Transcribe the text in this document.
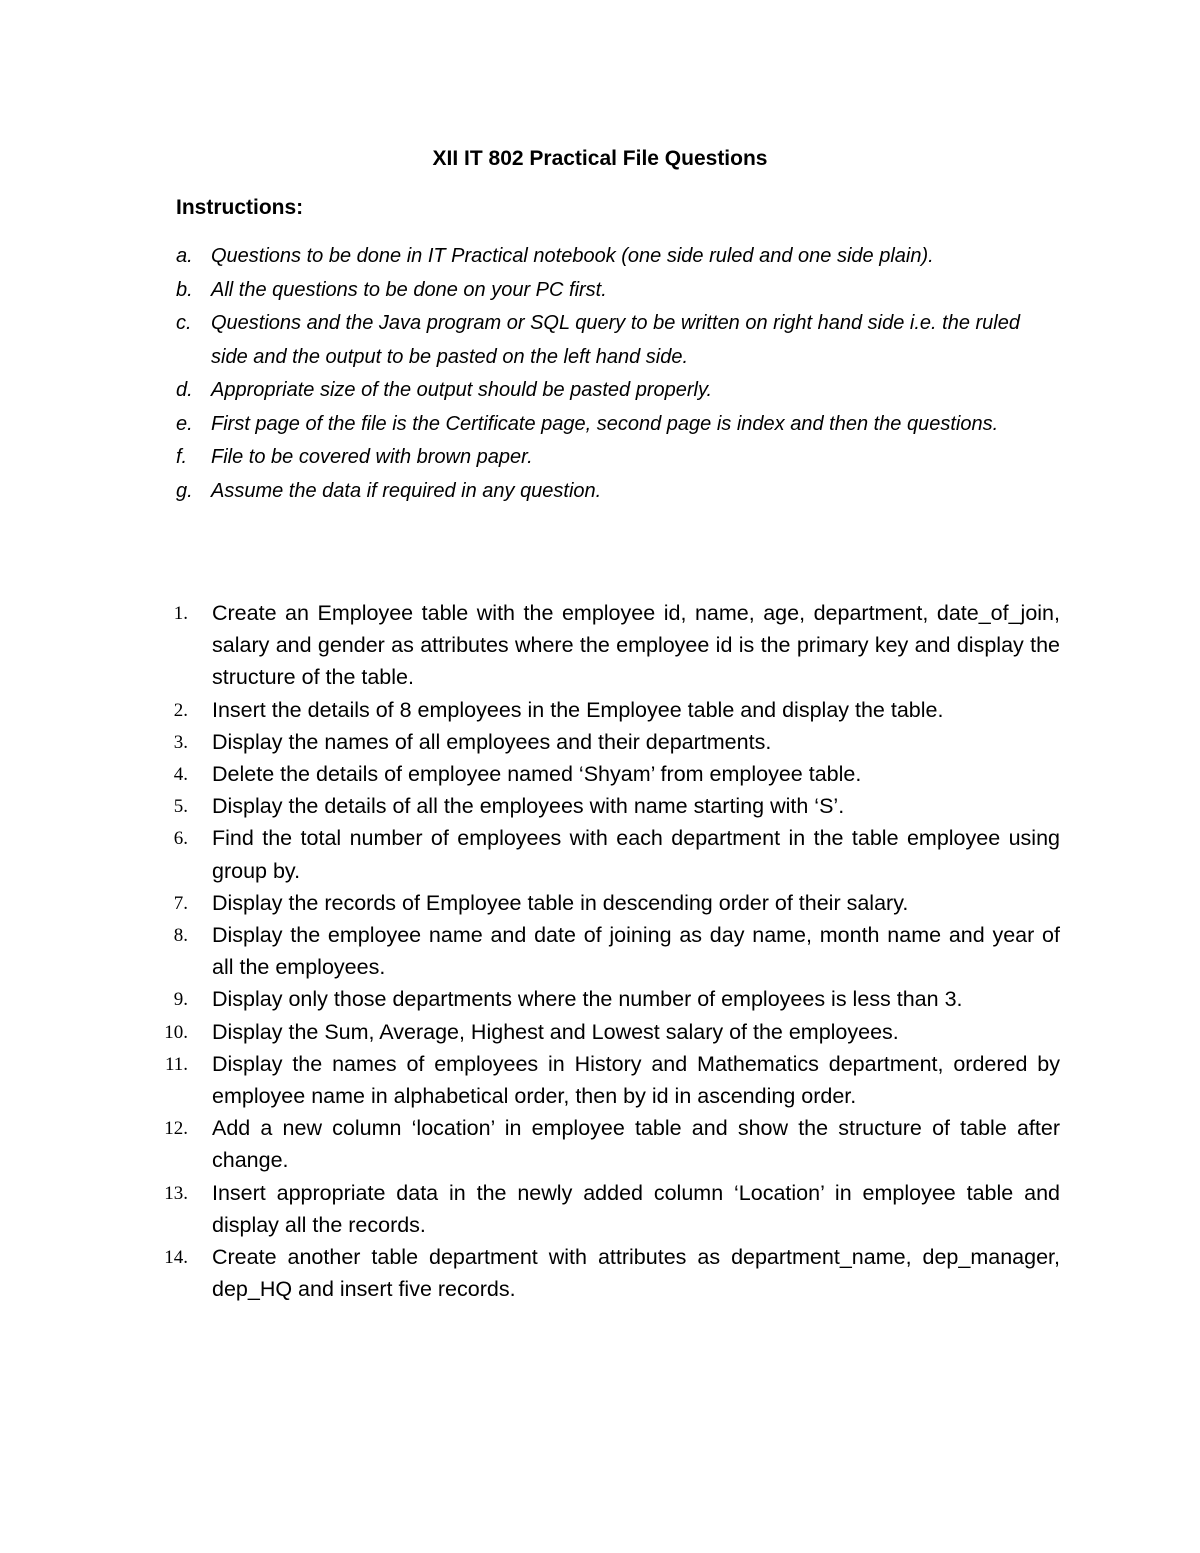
XII IT 802 Practical File Questions
Instructions:
a. Questions to be done in IT Practical notebook (one side ruled and one side plain).
b. All the questions to be done on your PC first.
c. Questions and the Java program or SQL query to be written on right hand side i.e. the ruled side and the output to be pasted on the left hand side.
d. Appropriate size of the output should be pasted properly.
e. First page of the file is the Certificate page, second page is index and then the questions.
f. File to be covered with brown paper.
g. Assume the data if required in any question.
1. Create an Employee table with the employee id, name, age, department, date_of_join, salary and gender as attributes where the employee id is the primary key and display the structure of the table.
2. Insert the details of 8 employees in the Employee table and display the table.
3. Display the names of all employees and their departments.
4. Delete the details of employee named ‘Shyam’ from employee table.
5. Display the details of all the employees with name starting with ‘S’.
6. Find the total number of employees with each department in the table employee using group by.
7. Display the records of Employee table in descending order of their salary.
8. Display the employee name and date of joining as day name, month name and year of all the employees.
9. Display only those departments where the number of employees is less than 3.
10. Display the Sum, Average, Highest and Lowest salary of the employees.
11. Display the names of employees in History and Mathematics department, ordered by employee name in alphabetical order, then by id in ascending order.
12. Add a new column ‘location’ in employee table and show the structure of table after change.
13. Insert appropriate data in the newly added column ‘Location’ in employee table and display all the records.
14. Create another table department with attributes as department_name, dep_manager, dep_HQ and insert five records.
